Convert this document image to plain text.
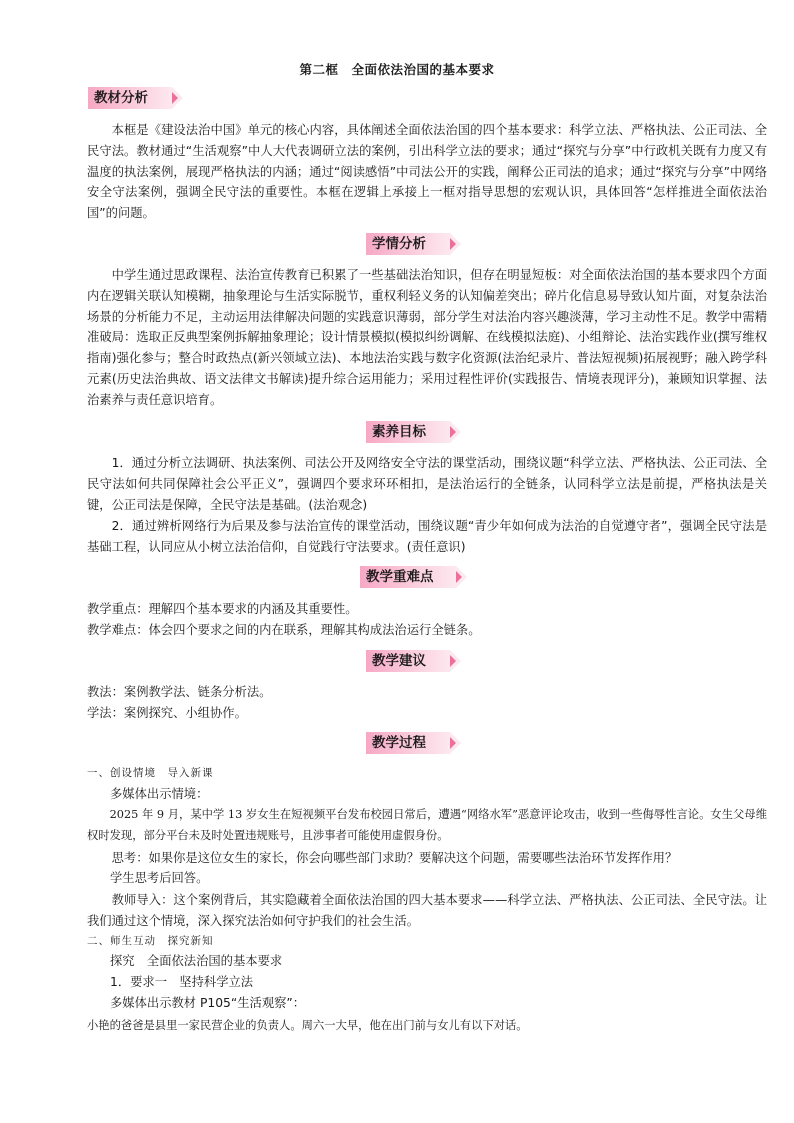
第二框　全面依法治国的基本要求
教材分析

本框是《建设法治中国》单元的核心内容，具体阐述全面依法治国的四个基本要求：科学立法、严格执法、公正司法、全民守法。教材通过“生活观察”中人大代表调研立法的案例，引出科学立法的要求；通过“探究与分享”中行政机关既有力度又有温度的执法案例，展现严格执法的内涵；通过“阅读感悟”中司法公开的实践，阐释公正司法的追求；通过“探究与分享”中网络安全守法案例，强调全民守法的重要性。本框在逻辑上承接上一框对指导思想的宏观认识，具体回答“怎样推进全面依法治国”的问题。

学情分析

中学生通过思政课程、法治宣传教育已积累了一些基础法治知识，但存在明显短板：对全面依法治国的基本要求四个方面内在逻辑关联认知模糊，抽象理论与生活实际脱节，重权利轻义务的认知偏差突出；碎片化信息易导致认知片面，对复杂法治场景的分析能力不足，主动运用法律解决问题的实践意识薄弱，部分学生对法治内容兴趣淡薄，学习主动性不足。教学中需精准破局：选取正反典型案例拆解抽象理论；设计情景模拟(模拟纠纷调解、在线模拟法庭)、小组辩论、法治实践作业(撰写维权指南)强化参与；整合时政热点(新兴领域立法)、本地法治实践与数字化资源(法治纪录片、普法短视频)拓展视野；融入跨学科元素(历史法治典故、语文法律文书解读)提升综合运用能力；采用过程性评价(实践报告、情境表现评分)，兼顾知识掌握、法治素养与责任意识培育。

素养目标

1．通过分析立法调研、执法案例、司法公开及网络安全守法的课堂活动，围绕议题“科学立法、严格执法、公正司法、全民守法如何共同保障社会公平正义”，强调四个要求环环相扣，是法治运行的全链条，认同科学立法是前提，严格执法是关键，公正司法是保障，全民守法是基础。(法治观念)

2．通过辨析网络行为后果及参与法治宣传的课堂活动，围绕议题“青少年如何成为法治的自觉遵守者”，强调全民守法是基础工程，认同应从小树立法治信仰，自觉践行守法要求。(责任意识)

教学重难点
教学重点：理解四个基本要求的内涵及其重要性。
教学难点：体会四个要求之间的内在联系，理解其构成法治运行全链条。
教学建议
教法：案例教学法、链条分析法。
学法：案例探究、小组协作。
教学过程
一、创设情境　导入新课
多媒体出示情境：

2025 年 9 月，某中学 13 岁女生在短视频平台发布校园日常后，遭遇“网络水军”恶意评论攻击，收到一些侮辱性言论。女生父母维权时发现，部分平台未及时处置违规账号，且涉事者可能使用虚假身份。

思考：如果你是这位女生的家长，你会向哪些部门求助？要解决这个问题，需要哪些法治环节发挥作用？

学生思考后回答。

教师导入：这个案例背后，其实隐藏着全面依法治国的四大基本要求——科学立法、严格执法、公正司法、全民守法。让我们通过这个情境，深入探究法治如何守护我们的社会生活。

二、师生互动　探究新知
探究　全面依法治国的基本要求
1．要求一　坚持科学立法
多媒体出示教材 P105“生活观察”：
小艳的爸爸是县里一家民营企业的负责人。周六一大早，他在出门前与女儿有以下对话。
